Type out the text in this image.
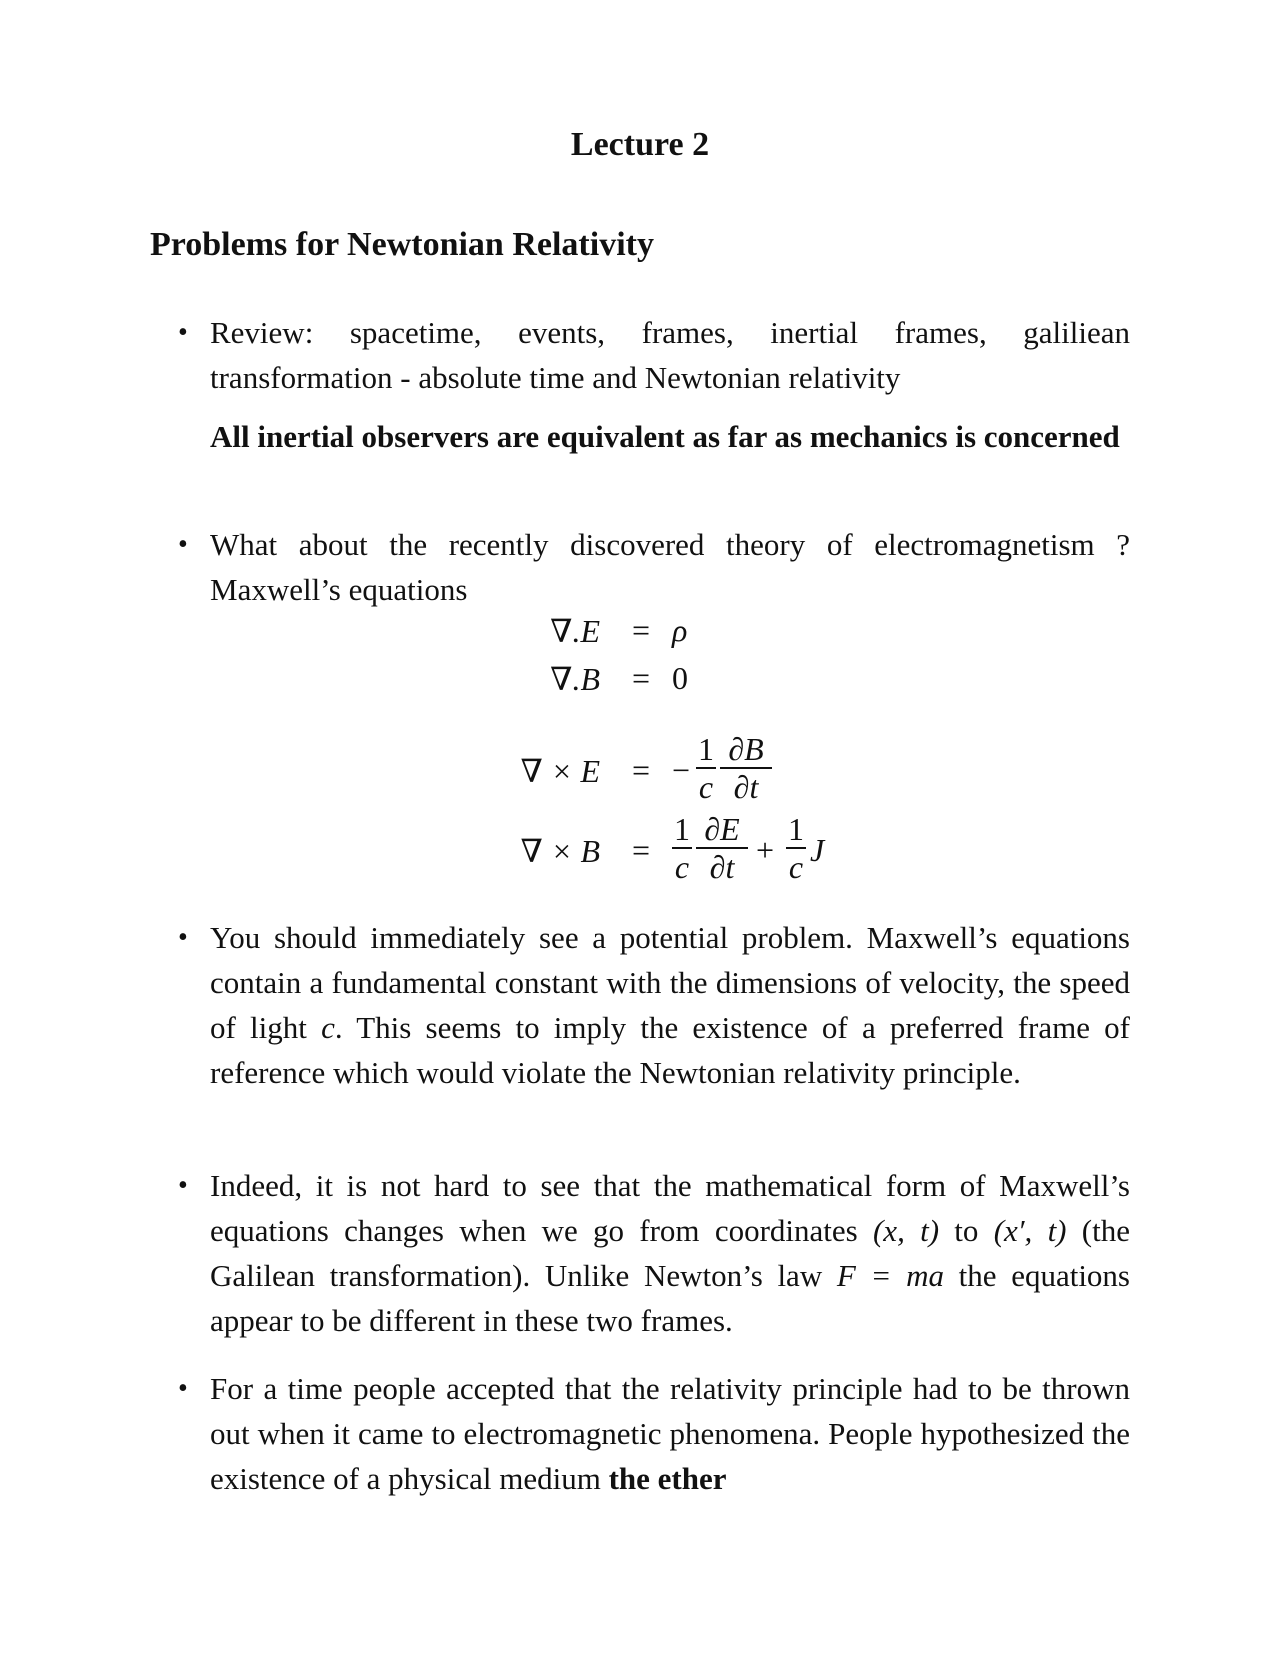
Lecture 2
Problems for Newtonian Relativity
• Review: spacetime, events, frames, inertial frames, galiliean transformation - absolute time and Newtonian relativity
All inertial observers are equivalent as far as mechanics is concerned
• What about the recently discovered theory of electromagnetism ? Maxwell’s equations
∇.E = ρ
∇.B = 0
∇ × E = −
1
c
∂B
∂t
∇ × B =
1
c
∂E
∂t +
1
c J
• You should immediately see a potential problem. Maxwell’s equations contain a fundamental constant with the dimensions of velocity, the speed of light c. This seems to imply the existence of a preferred frame of reference which would violate the Newtonian relativity principle.
• Indeed, it is not hard to see that the mathematical form of Maxwell’s equations changes when we go from coordinates (x, t) to (x′, t) (the Galilean transformation). Unlike Newton’s law F = ma the equations appear to be different in these two frames.
• For a time people accepted that the relativity principle had to be thrown out when it came to electromagnetic phenomena. People hypothesized the existence of a physical medium the ether
